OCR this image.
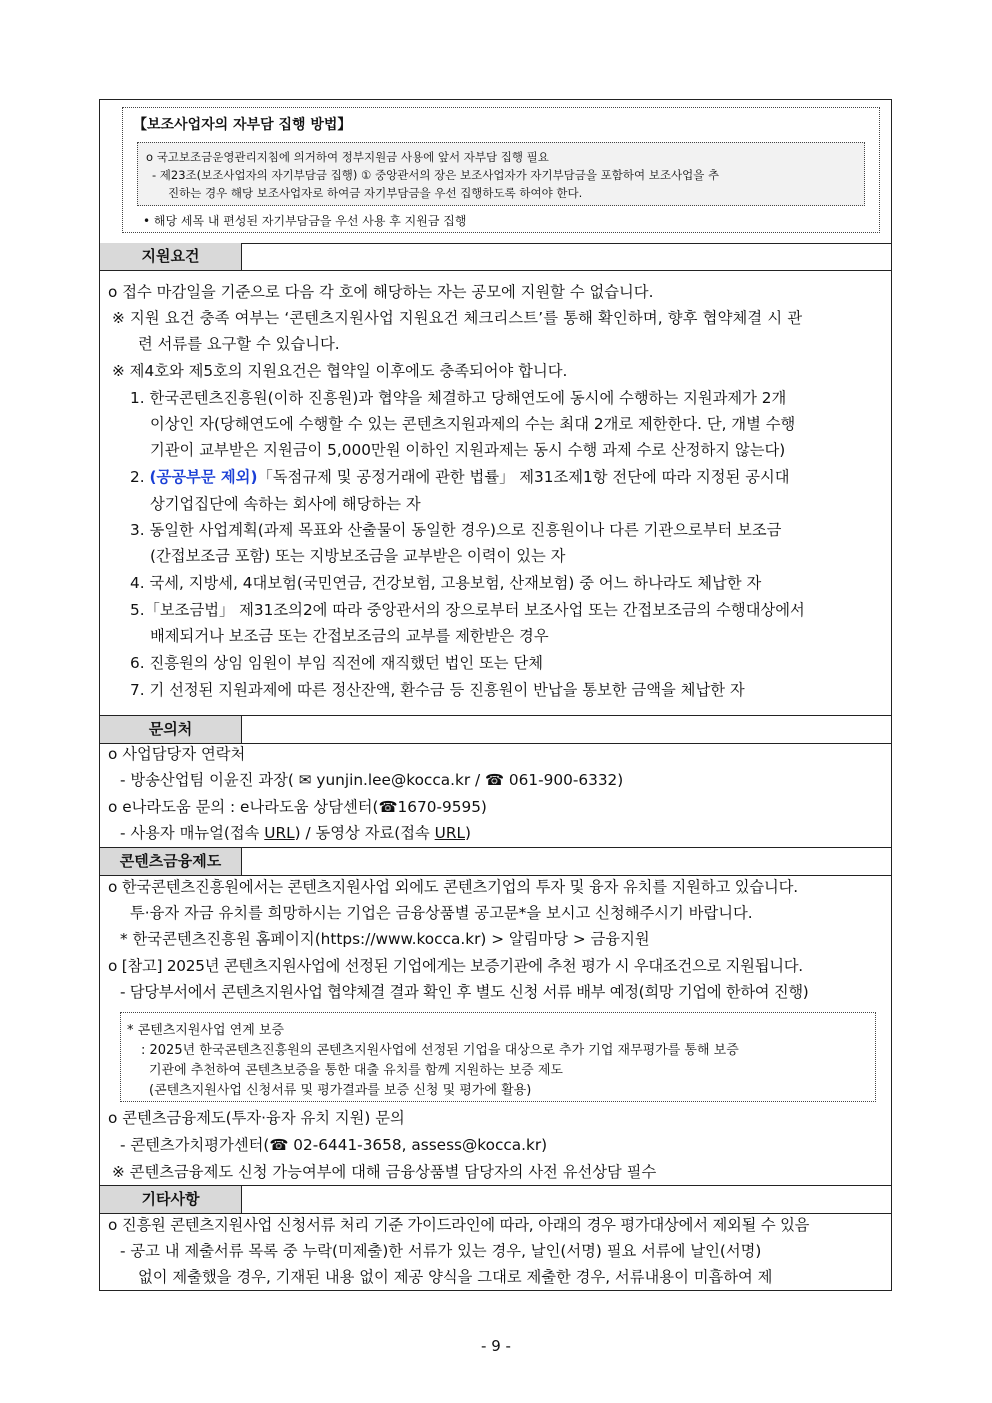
【보조사업자의 자부담 집행 방법】
o 국고보조금운영관리지침에 의거하여 정부지원금 사용에 앞서 자부담 집행 필요
- 제23조(보조사업자의 자기부담금 집행) ① 중앙관서의 장은 보조사업자가 자기부담금을 포함하여 보조사업을 추
진하는 경우 해당 보조사업자로 하여금 자기부담금을 우선 집행하도록 하여야 한다.
• 해당 세목 내 편성된 자기부담금을 우선 사용 후 지원금 집행
지원요건
o 접수 마감일을 기준으로 다음 각 호에 해당하는 자는 공모에 지원할 수 없습니다.
※ 지원 요건 충족 여부는 ‘콘텐츠지원사업 지원요건 체크리스트’를 통해 확인하며, 향후 협약체결 시 관
련 서류를 요구할 수 있습니다.
※ 제4호와 제5호의 지원요건은 협약일 이후에도 충족되어야 합니다.
1. 한국콘텐츠진흥원(이하 진흥원)과 협약을 체결하고 당해연도에 동시에 수행하는 지원과제가 2개
이상인 자(당해연도에 수행할 수 있는 콘텐츠지원과제의 수는 최대 2개로 제한한다. 단, 개별 수행
기관이 교부받은 지원금이 5,000만원 이하인 지원과제는 동시 수행 과제 수로 산정하지 않는다)
2. (공공부문 제외)「독점규제 및 공정거래에 관한 법률」 제31조제1항 전단에 따라 지정된 공시대
상기업집단에 속하는 회사에 해당하는 자
3. 동일한 사업계획(과제 목표와 산출물이 동일한 경우)으로 진흥원이나 다른 기관으로부터 보조금
(간접보조금 포함) 또는 지방보조금을 교부받은 이력이 있는 자
4. 국세, 지방세, 4대보험(국민연금, 건강보험, 고용보험, 산재보험) 중 어느 하나라도 체납한 자
5.「보조금법」 제31조의2에 따라 중앙관서의 장으로부터 보조사업 또는 간접보조금의 수행대상에서
배제되거나 보조금 또는 간접보조금의 교부를 제한받은 경우
6. 진흥원의 상임 임원이 부임 직전에 재직했던 법인 또는 단체
7. 기 선정된 지원과제에 따른 정산잔액, 환수금 등 진흥원이 반납을 통보한 금액을 체납한 자
문의처
o 사업담당자 연락처
- 방송산업팀 이윤진 과장( ✉ yunjin.lee@kocca.kr / ☎ 061-900-6332)
o e나라도움 문의 : e나라도움 상담센터(☎1670-9595)
- 사용자 매뉴얼(접속 URL) / 동영상 자료(접속 URL)
콘텐츠금융제도
o 한국콘텐츠진흥원에서는 콘텐츠지원사업 외에도 콘텐츠기업의 투자 및 융자 유치를 지원하고 있습니다.
투·융자 자금 유치를 희망하시는 기업은 금융상품별 공고문*을 보시고 신청해주시기 바랍니다.
* 한국콘텐츠진흥원 홈페이지(https://www.kocca.kr) > 알림마당 > 금융지원
o [참고] 2025년 콘텐츠지원사업에 선정된 기업에게는 보증기관에 추천 평가 시 우대조건으로 지원됩니다.
- 담당부서에서 콘텐츠지원사업 협약체결 결과 확인 후 별도 신청 서류 배부 예정(희망 기업에 한하여 진행)
* 콘텐츠지원사업 연계 보증
: 2025년 한국콘텐츠진흥원의 콘텐츠지원사업에 선정된 기업을 대상으로 추가 기업 재무평가를 통해 보증
기관에 추천하여 콘텐츠보증을 통한 대출 유치를 함께 지원하는 보증 제도
(콘텐츠지원사업 신청서류 및 평가결과를 보증 신청 및 평가에 활용)
o 콘텐츠금융제도(투자·융자 유치 지원) 문의
- 콘텐츠가치평가센터(☎ 02-6441-3658, assess@kocca.kr)
※ 콘텐츠금융제도 신청 가능여부에 대해 금융상품별 담당자의 사전 유선상담 필수
기타사항
o 진흥원 콘텐츠지원사업 신청서류 처리 기준 가이드라인에 따라, 아래의 경우 평가대상에서 제외될 수 있음
- 공고 내 제출서류 목록 중 누락(미제출)한 서류가 있는 경우, 날인(서명) 필요 서류에 날인(서명)
없이 제출했을 경우, 기재된 내용 없이 제공 양식을 그대로 제출한 경우, 서류내용이 미흡하여 제
- 9 -
